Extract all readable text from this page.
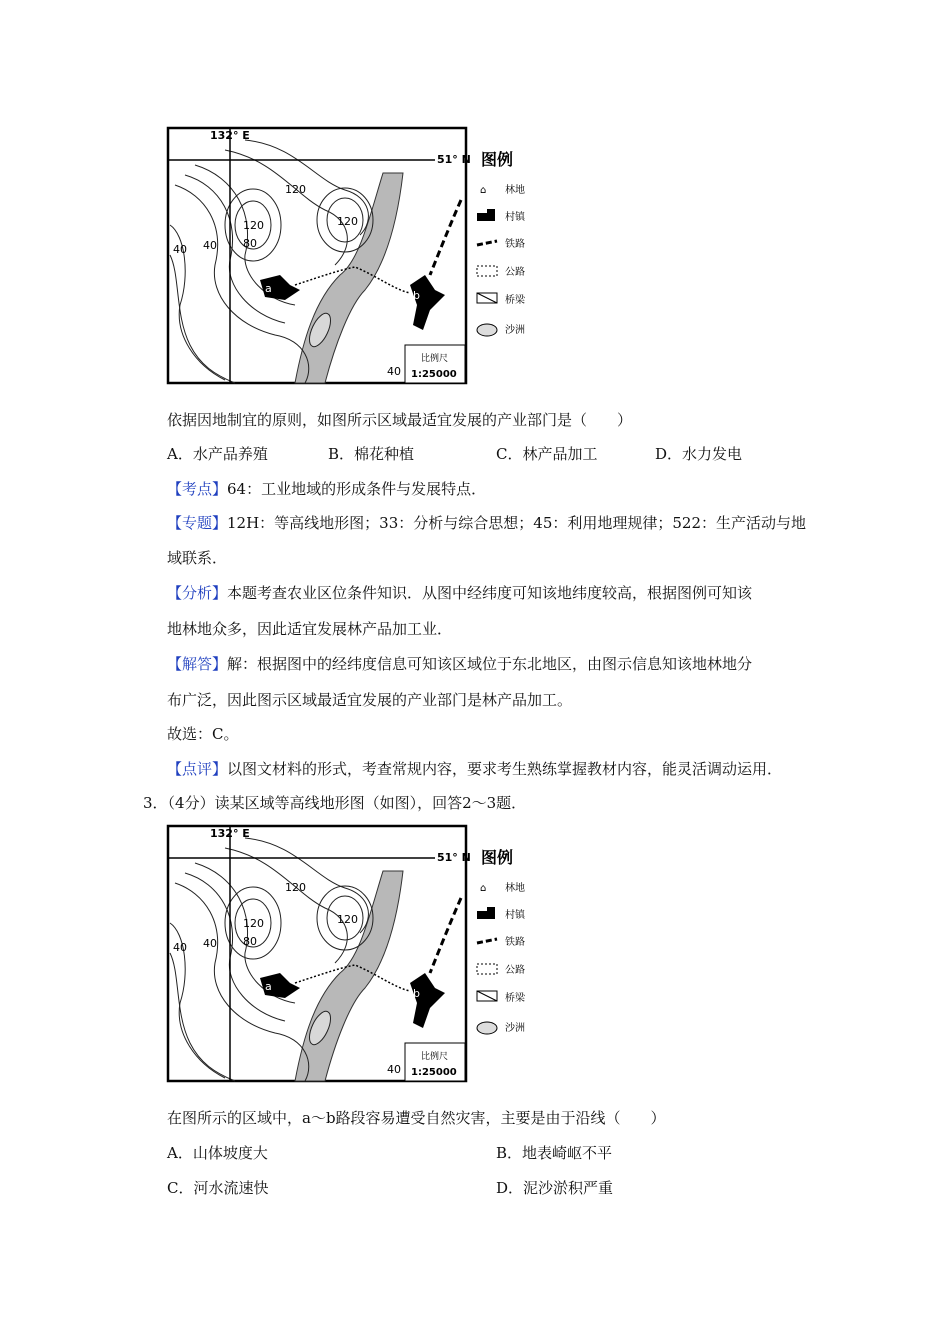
132° E
51° N
120
120	120
80
40 40
40
a
b
比例尺
1:25000
图例
⌂ 林地
村镇
铁路
公路
桥梁
沙洲
依据因地制宜的原则，如图所示区域最适宜发展的产业部门是（　　）
A．水产品养殖	B．棉花种植	C．林产品加工	D．水力发电
【考点】64：工业地域的形成条件与发展特点．
【专题】12H：等高线地形图；33：分析与综合思想；45：利用地理规律；522：生产活动与地
域联系．
【分析】本题考查农业区位条件知识．从图中经纬度可知该地纬度较高，根据图例可知该
地林地众多，因此适宜发展林产品加工业．
【解答】解：根据图中的经纬度信息可知该区域位于东北地区，由图示信息知该地林地分
布广泛，因此图示区域最适宜发展的产业部门是林产品加工。
故选：C。
【点评】以图文材料的形式，考查常规内容，要求考生熟练掌握教材内容，能灵活调动运用．
3．（4分）读某区域等高线地形图（如图），回答2～3题．
132° E
51° N
120
120	120
80
40 40
40
a
b
比例尺
1:25000
图例
⌂ 林地
村镇
铁路
公路
桥梁
沙洲
在图所示的区域中，a～b路段容易遭受自然灾害，主要是由于沿线（　　）
A．山体坡度大	B．地表崎岖不平
C．河水流速快	D．泥沙淤积严重
